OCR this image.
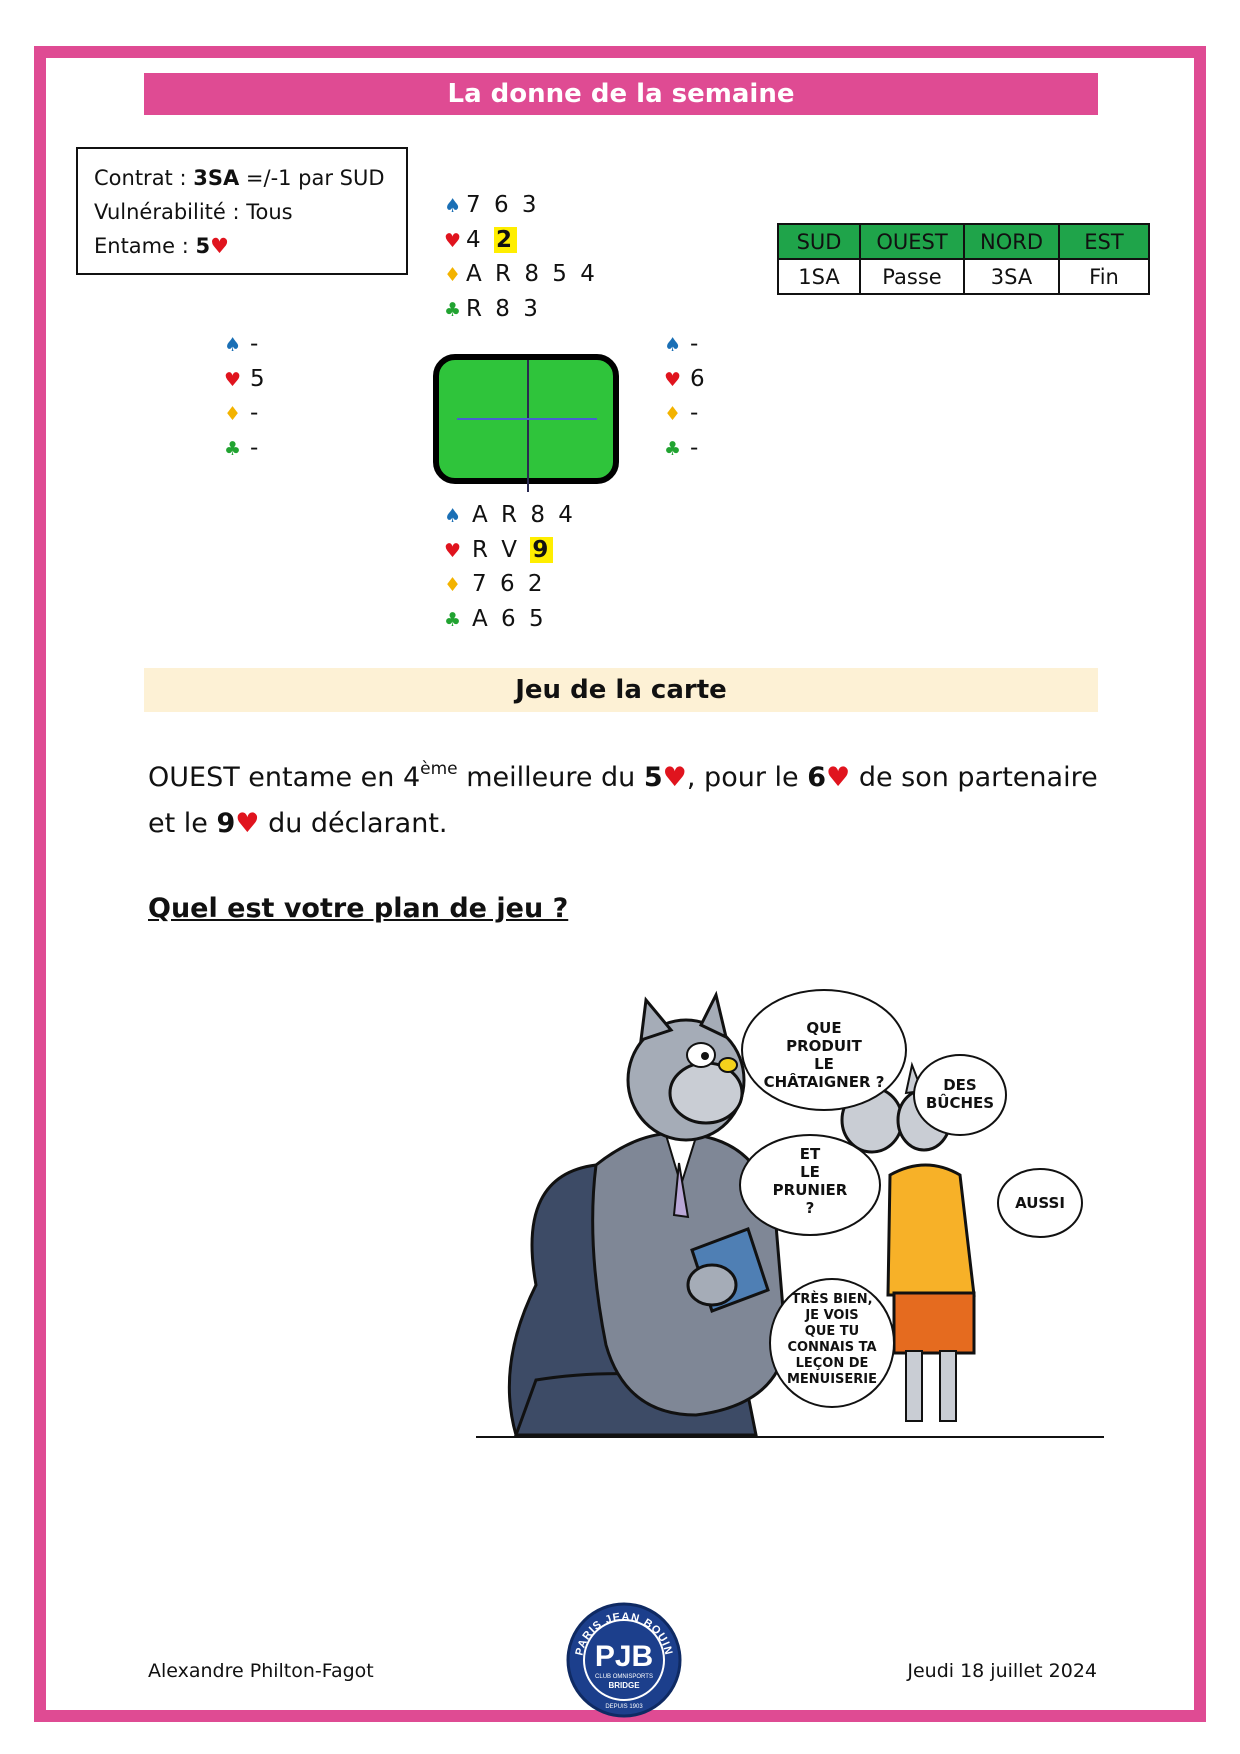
La donne de la semaine
Contrat : 3SA =/-1 par SUD
Vulnérabilité : Tous
Entame : 5♥
♠ 7 6 3
♥ 4 2
♦ A R 8 5 4
♣ R 8 3
♠ -
♥ 5
♦ -
♣ -
♠ -
♥ 6
♦ -
♣ -
♠ A R 8 4
♥ R V 9
♦ 7 6 2
♣ A 6 5
SUD	OUEST	NORD	EST
1SA	Passe	3SA	Fin
Jeu de la carte
OUEST entame en 4ème meilleure du 5♥, pour le 6♥ de son partenaire et le 9♥ du déclarant.
Quel est votre plan de jeu ?
QUE
PRODUIT
LE
CHÂTAIGNER ?	DES
BÛCHES
ET
LE
PRUNIER
?	AUSSI
TRÈS BIEN,
JE VOIS
QUE TU
CONNAIS TA
LEÇON DE
MENUISERIE
Alexandre Philton-Fagot
PARIS JEAN BOUIN
PJB
CLUB OMNISPORTS
BRIDGE
DEPUIS 1903
Jeudi 18 juillet 2024
